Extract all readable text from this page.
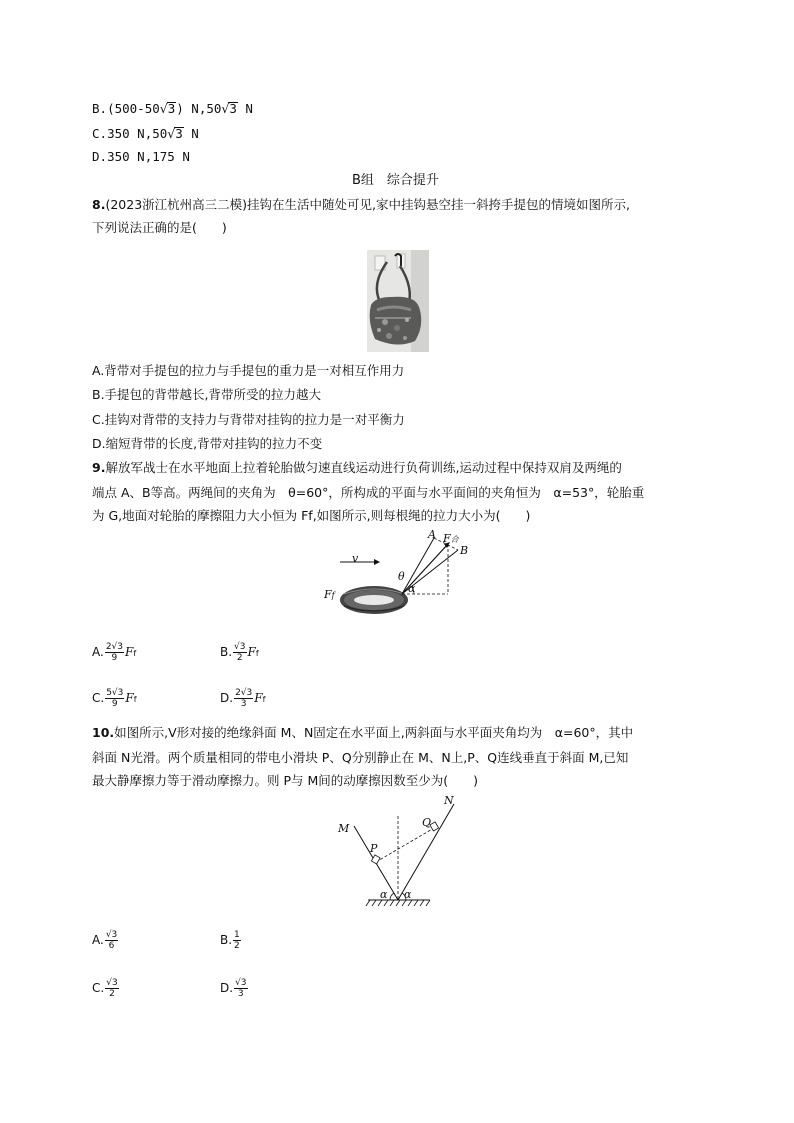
B.(500-50√3) N,50√3 N
C.350 N,50√3 N
D.350 N,175 N
B组　综合提升
8.(2023浙江杭州高三二模)挂钩在生活中随处可见,家中挂钩悬空挂一斜挎手提包的情境如图所示,
下列说法正确的是(　　)
A.背带对手提包的拉力与手提包的重力是一对相互作用力
B.手提包的背带越长,背带所受的拉力越大
C.挂钩对背带的支持力与背带对挂钩的拉力是一对平衡力
D.缩短背带的长度,背带对挂钩的拉力不变
9.解放军战士在水平地面上拉着轮胎做匀速直线运动进行负荷训练,运动过程中保持双肩及两绳的
端点 A、B等高。两绳间的夹角为　θ=60°，所构成的平面与水平面间的夹角恒为　α=53°，轮胎重
为 G,地面对轮胎的摩擦阻力大小恒为 Ff,如图所示,则每根绳的拉力大小为(　　)
v
A
B
F合
θ
α
Ff
A. $\frac{2√3}{9}$ Ff	B. $\frac{√3}{2}$ Ff
C. $\frac{5√3}{9}$ Ff	D. $\frac{2√3}{3}$ Ff
10.如图所示,V形对接的绝缘斜面 M、N固定在水平面上,两斜面与水平面夹角均为　α=60°，其中
斜面 N光滑。两个质量相同的带电小滑块 P、Q分别静止在 M、N上,P、Q连线垂直于斜面 M,已知
最大静摩擦力等于滑动摩擦力。则 P与 M间的动摩擦因数至少为(　　)
M
N
P
Q
α α
A. $\frac{√3}{6}$	B. $\frac{1}{2}$
C. $\frac{√3}{2}$	D. $\frac{√3}{3}$
